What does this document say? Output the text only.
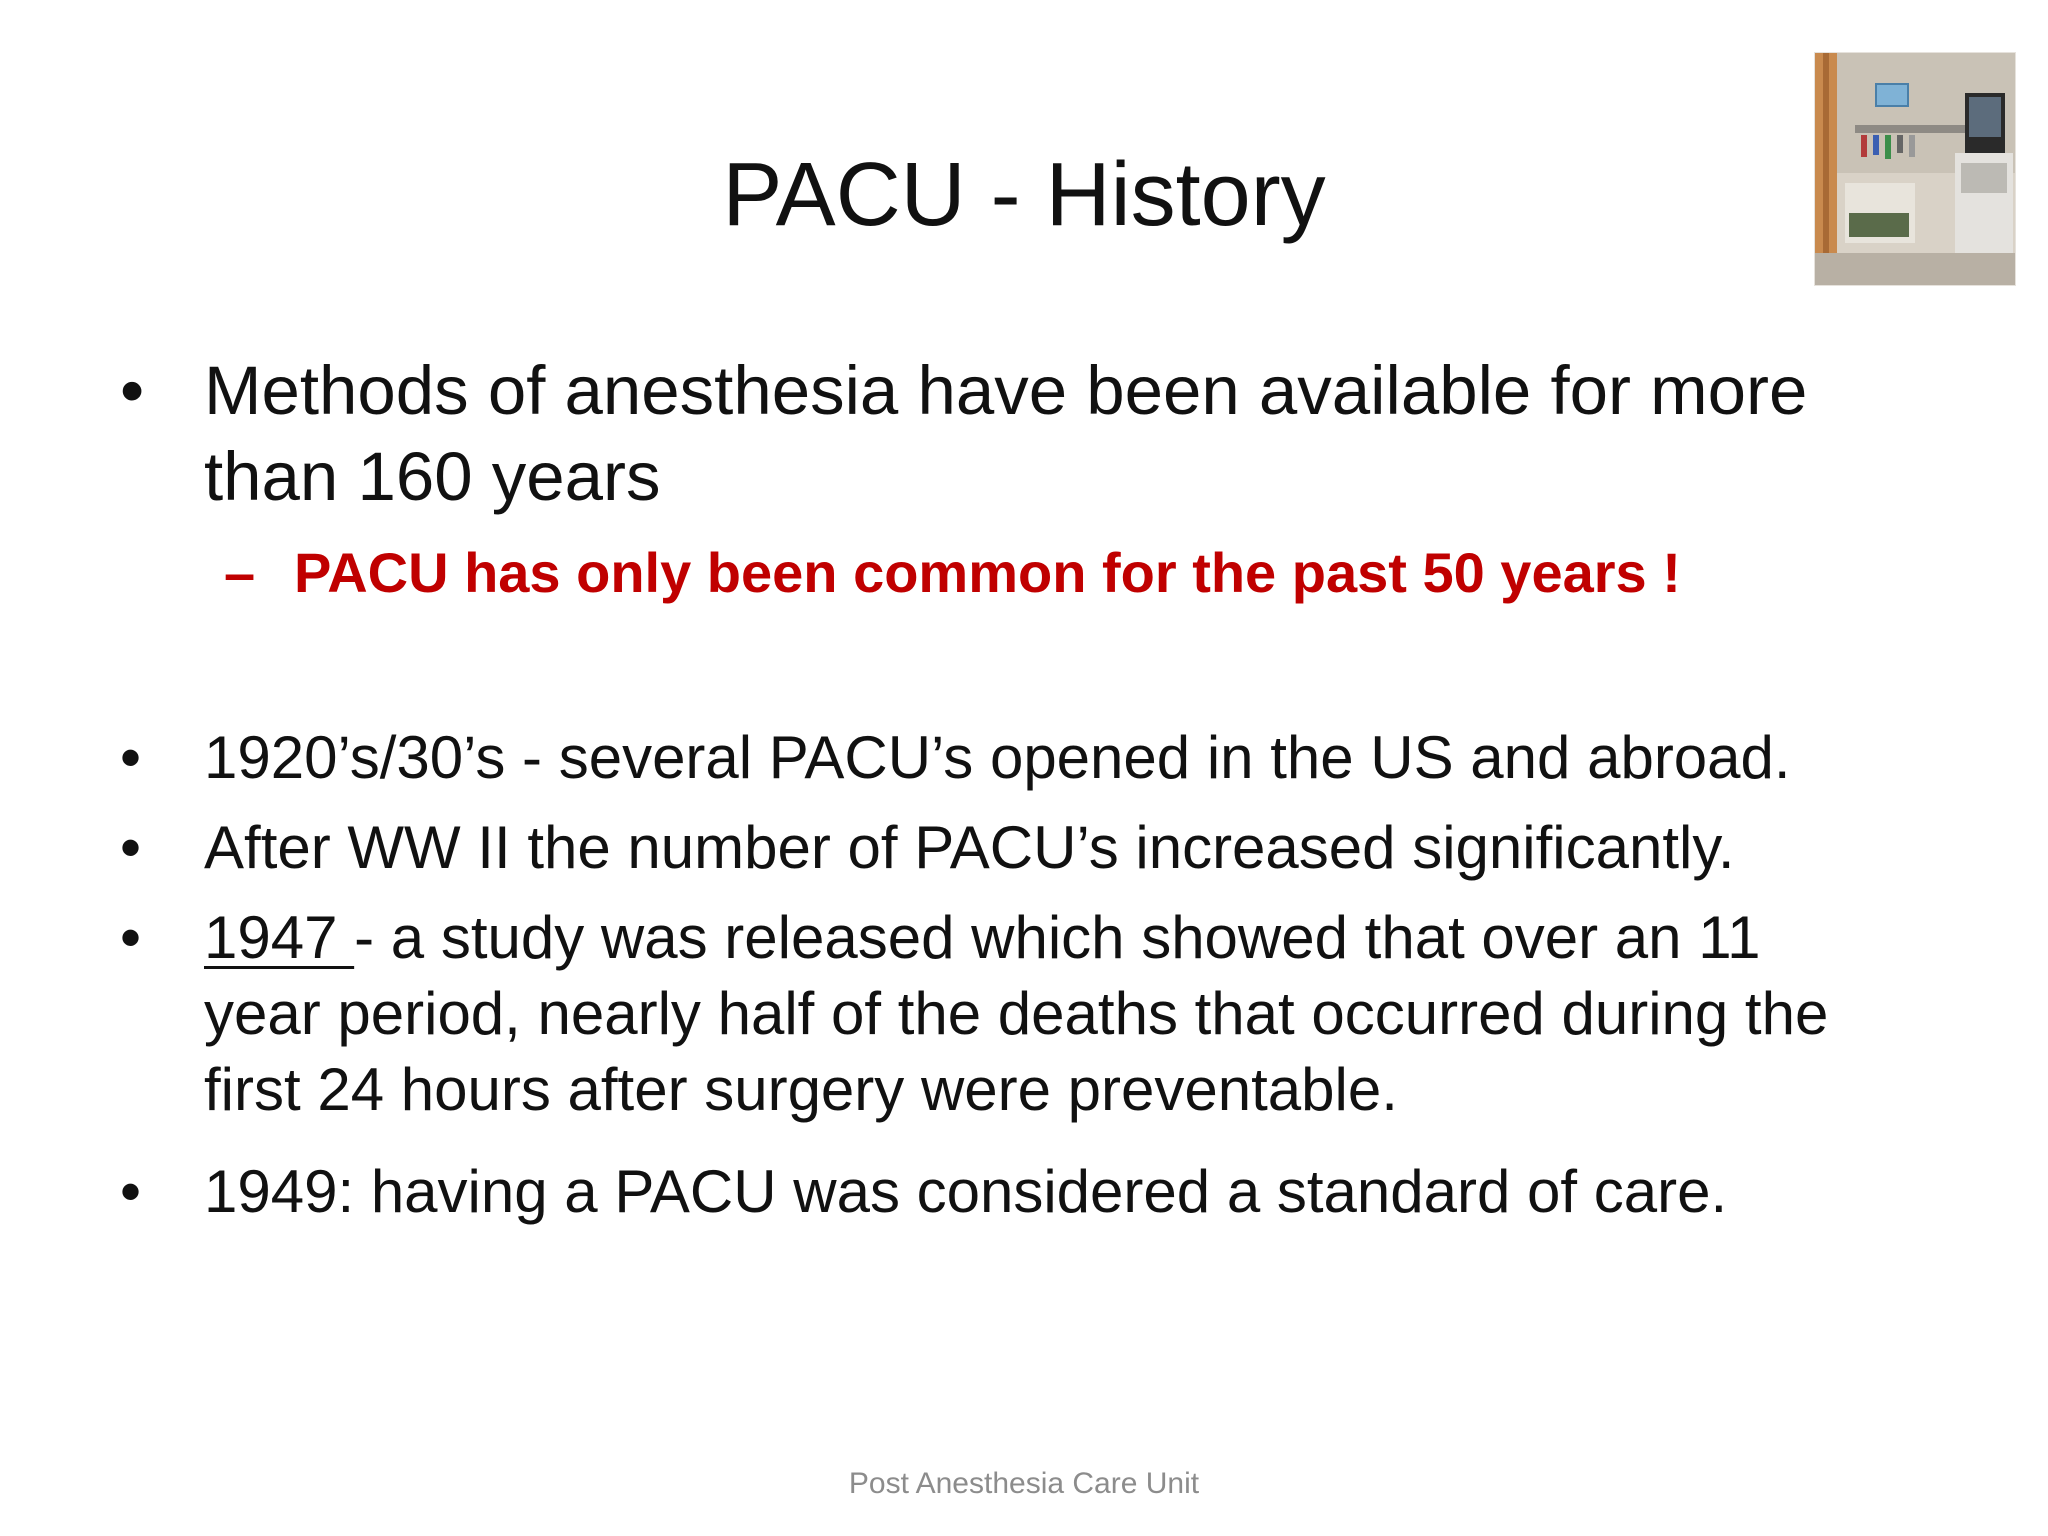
PACU - History
• Methods of anesthesia have been available for more
than 160 years

– PACU has only been common for the past 50 years !
• 1920’s/30’s - several PACU’s opened in the US and abroad.

• After WW II the number of PACU’s increased significantly.

• 1947 - a study was released which showed that over an 11
year period, nearly half of the deaths that occurred during the
first 24 hours after surgery were preventable.

• 1949: having a PACU was considered a standard of care.

Post Anesthesia Care Unit
